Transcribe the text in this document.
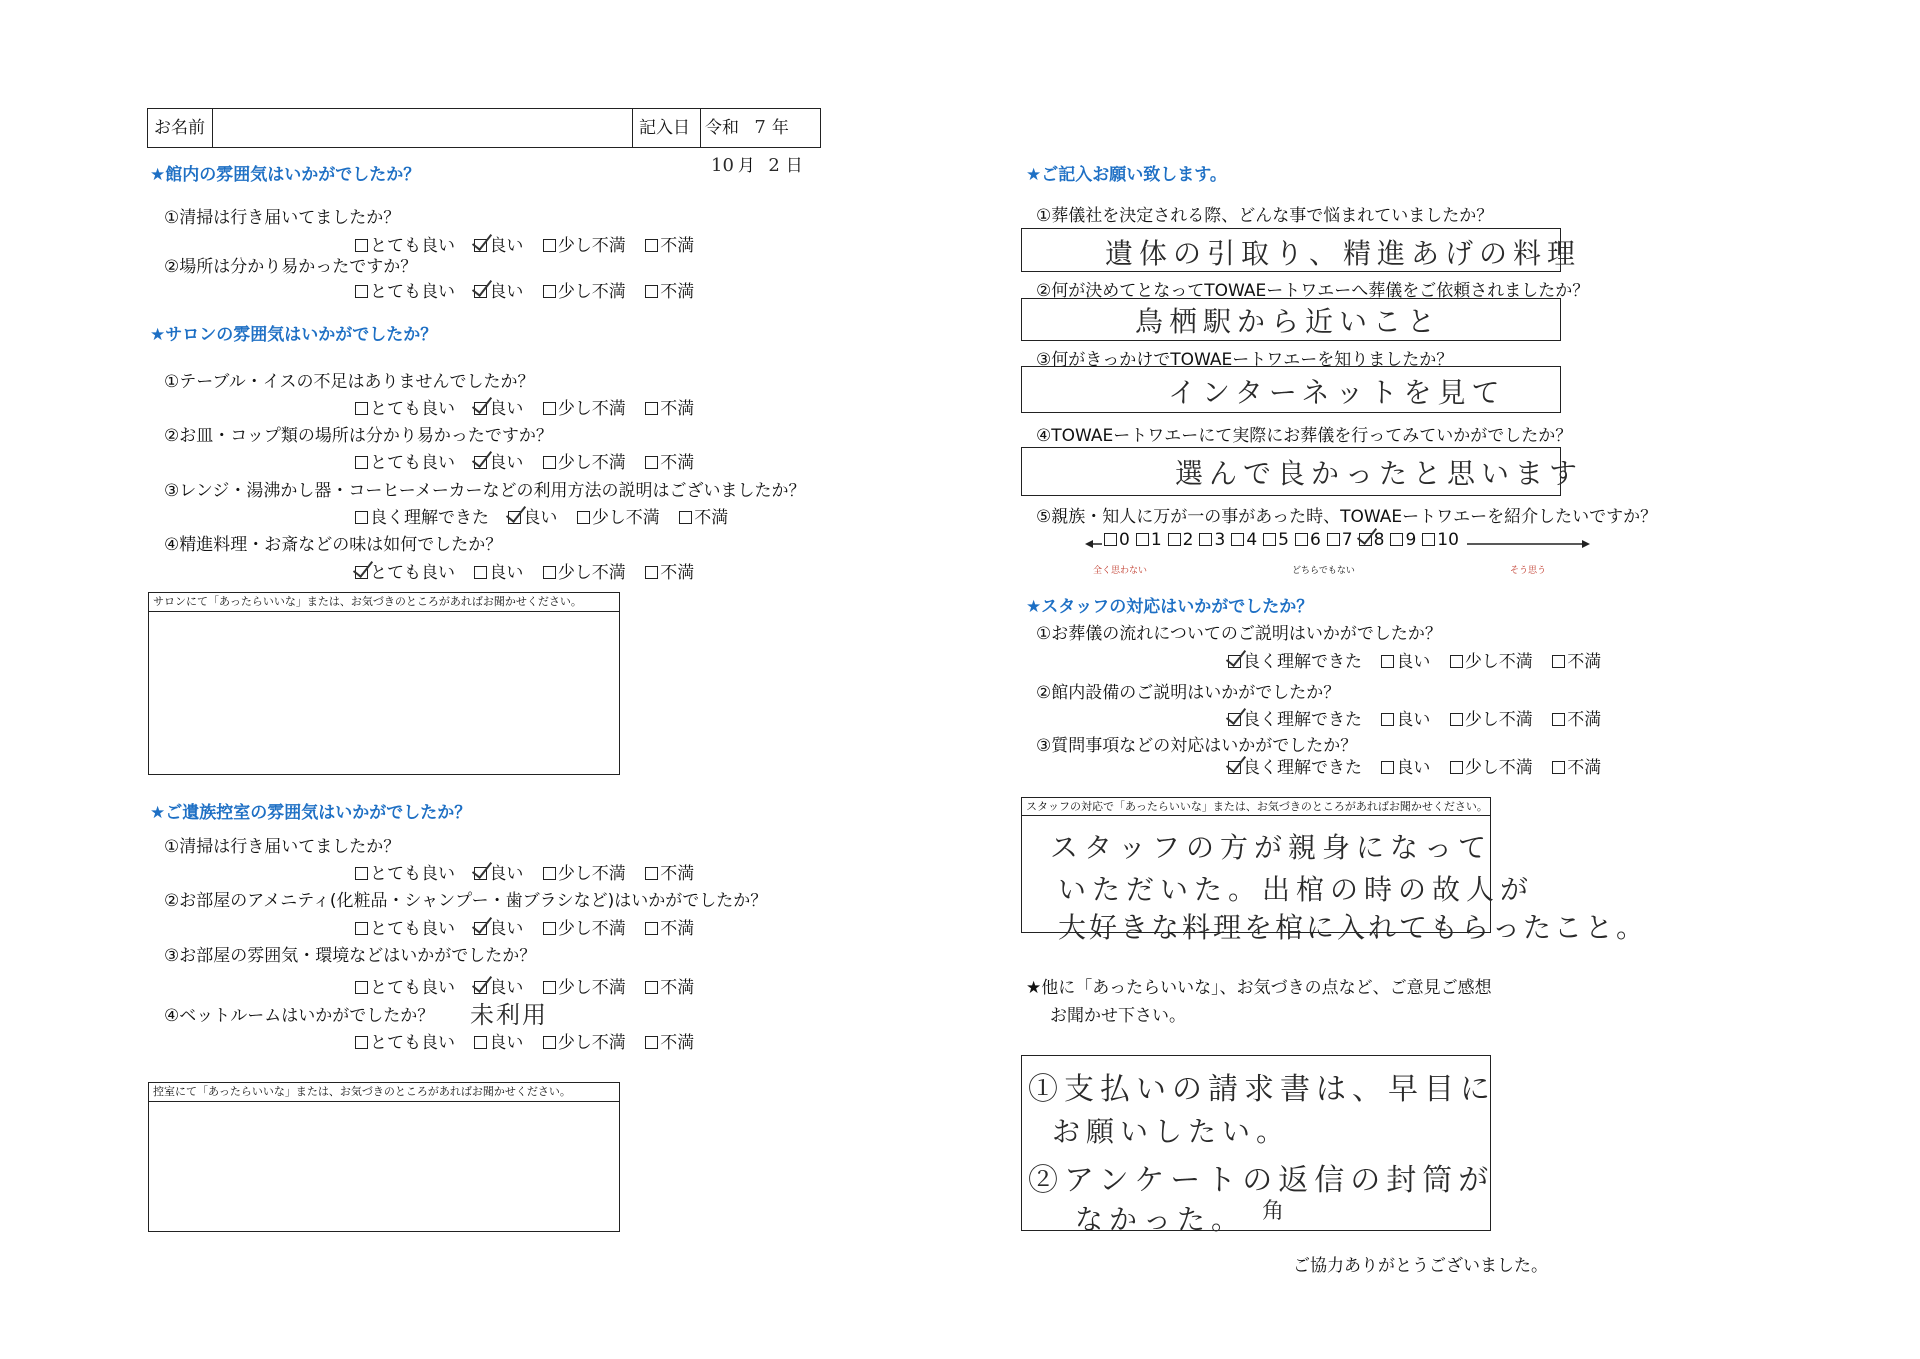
お名前	記入日 令和 7 年 10 月 2 日
★館内の雰囲気はいかがでしたか？
①清掃は行き届いてましたか？
とても良い 良い 少し不満 不満
②場所は分かり易かったですか？
とても良い 良い 少し不満 不満
★サロンの雰囲気はいかがでしたか？
①テーブル・イスの不足はありませんでしたか？
とても良い 良い 少し不満 不満
②お皿・コップ類の場所は分かり易かったですか？
とても良い 良い 少し不満 不満
③レンジ・湯沸かし器・コーヒーメーカーなどの利用方法の説明はございましたか？
良く理解できた 良い 少し不満 不満
④精進料理・お斎などの味は如何でしたか？
とても良い 良い 少し不満 不満
サロンにて「あったらいいな」または、お気づきのところがあればお聞かせください。
★ご遺族控室の雰囲気はいかがでしたか？
①清掃は行き届いてましたか？
とても良い 良い 少し不満 不満
②お部屋のアメニティ(化粧品・シャンプー・歯ブラシなど)はいかがでしたか？
とても良い 良い 少し不満 不満
③お部屋の雰囲気・環境などはいかがでしたか？
とても良い 良い 少し不満 不満
④ベットルームはいかがでしたか？ 未利用
とても良い 良い 少し不満 不満
控室にて「あったらいいな」または、お気づきのところがあればお聞かせください。
★ご記入お願い致します。
①葬儀社を決定される際、どんな事で悩まれていましたか？
遺体の引取り、精進あげの料理
②何が決めてとなってTOWAEートワエーへ葬儀をご依頼されましたか？
鳥栖駅から近いこと
③何がきっかけでTOWAEートワエーを知りましたか？
インターネットを見て
④TOWAEートワエーにて実際にお葬儀を行ってみていかがでしたか？
選んで良かったと思います
⑤親族・知人に万が一の事があった時、TOWAEートワエーを紹介したいですか？
0 1 2 3 4 5 6 7 8 9 10
全く思わない	どちらでもない	そう思う
★スタッフの対応はいかがでしたか？
①お葬儀の流れについてのご説明はいかがでしたか？
良く理解できた 良い 少し不満 不満
②館内設備のご説明はいかがでしたか？
良く理解できた 良い 少し不満 不満
③質問事項などの対応はいかがでしたか？
良く理解できた 良い 少し不満 不満
スタッフの対応で「あったらいいな」または、お気づきのところがあればお聞かせください。
スタッフの方が親身になって
いただいた。出棺の時の故人が
大好きな料理を棺に入れてもらったこと。
★他に「あったらいいな」、お気づきの点など、ご意見ご感想
お聞かせ下さい。
①支払いの請求書は、早目に
お願いしたい。
②アンケートの返信の封筒が
なかった。 角
ご協力ありがとうございました。
